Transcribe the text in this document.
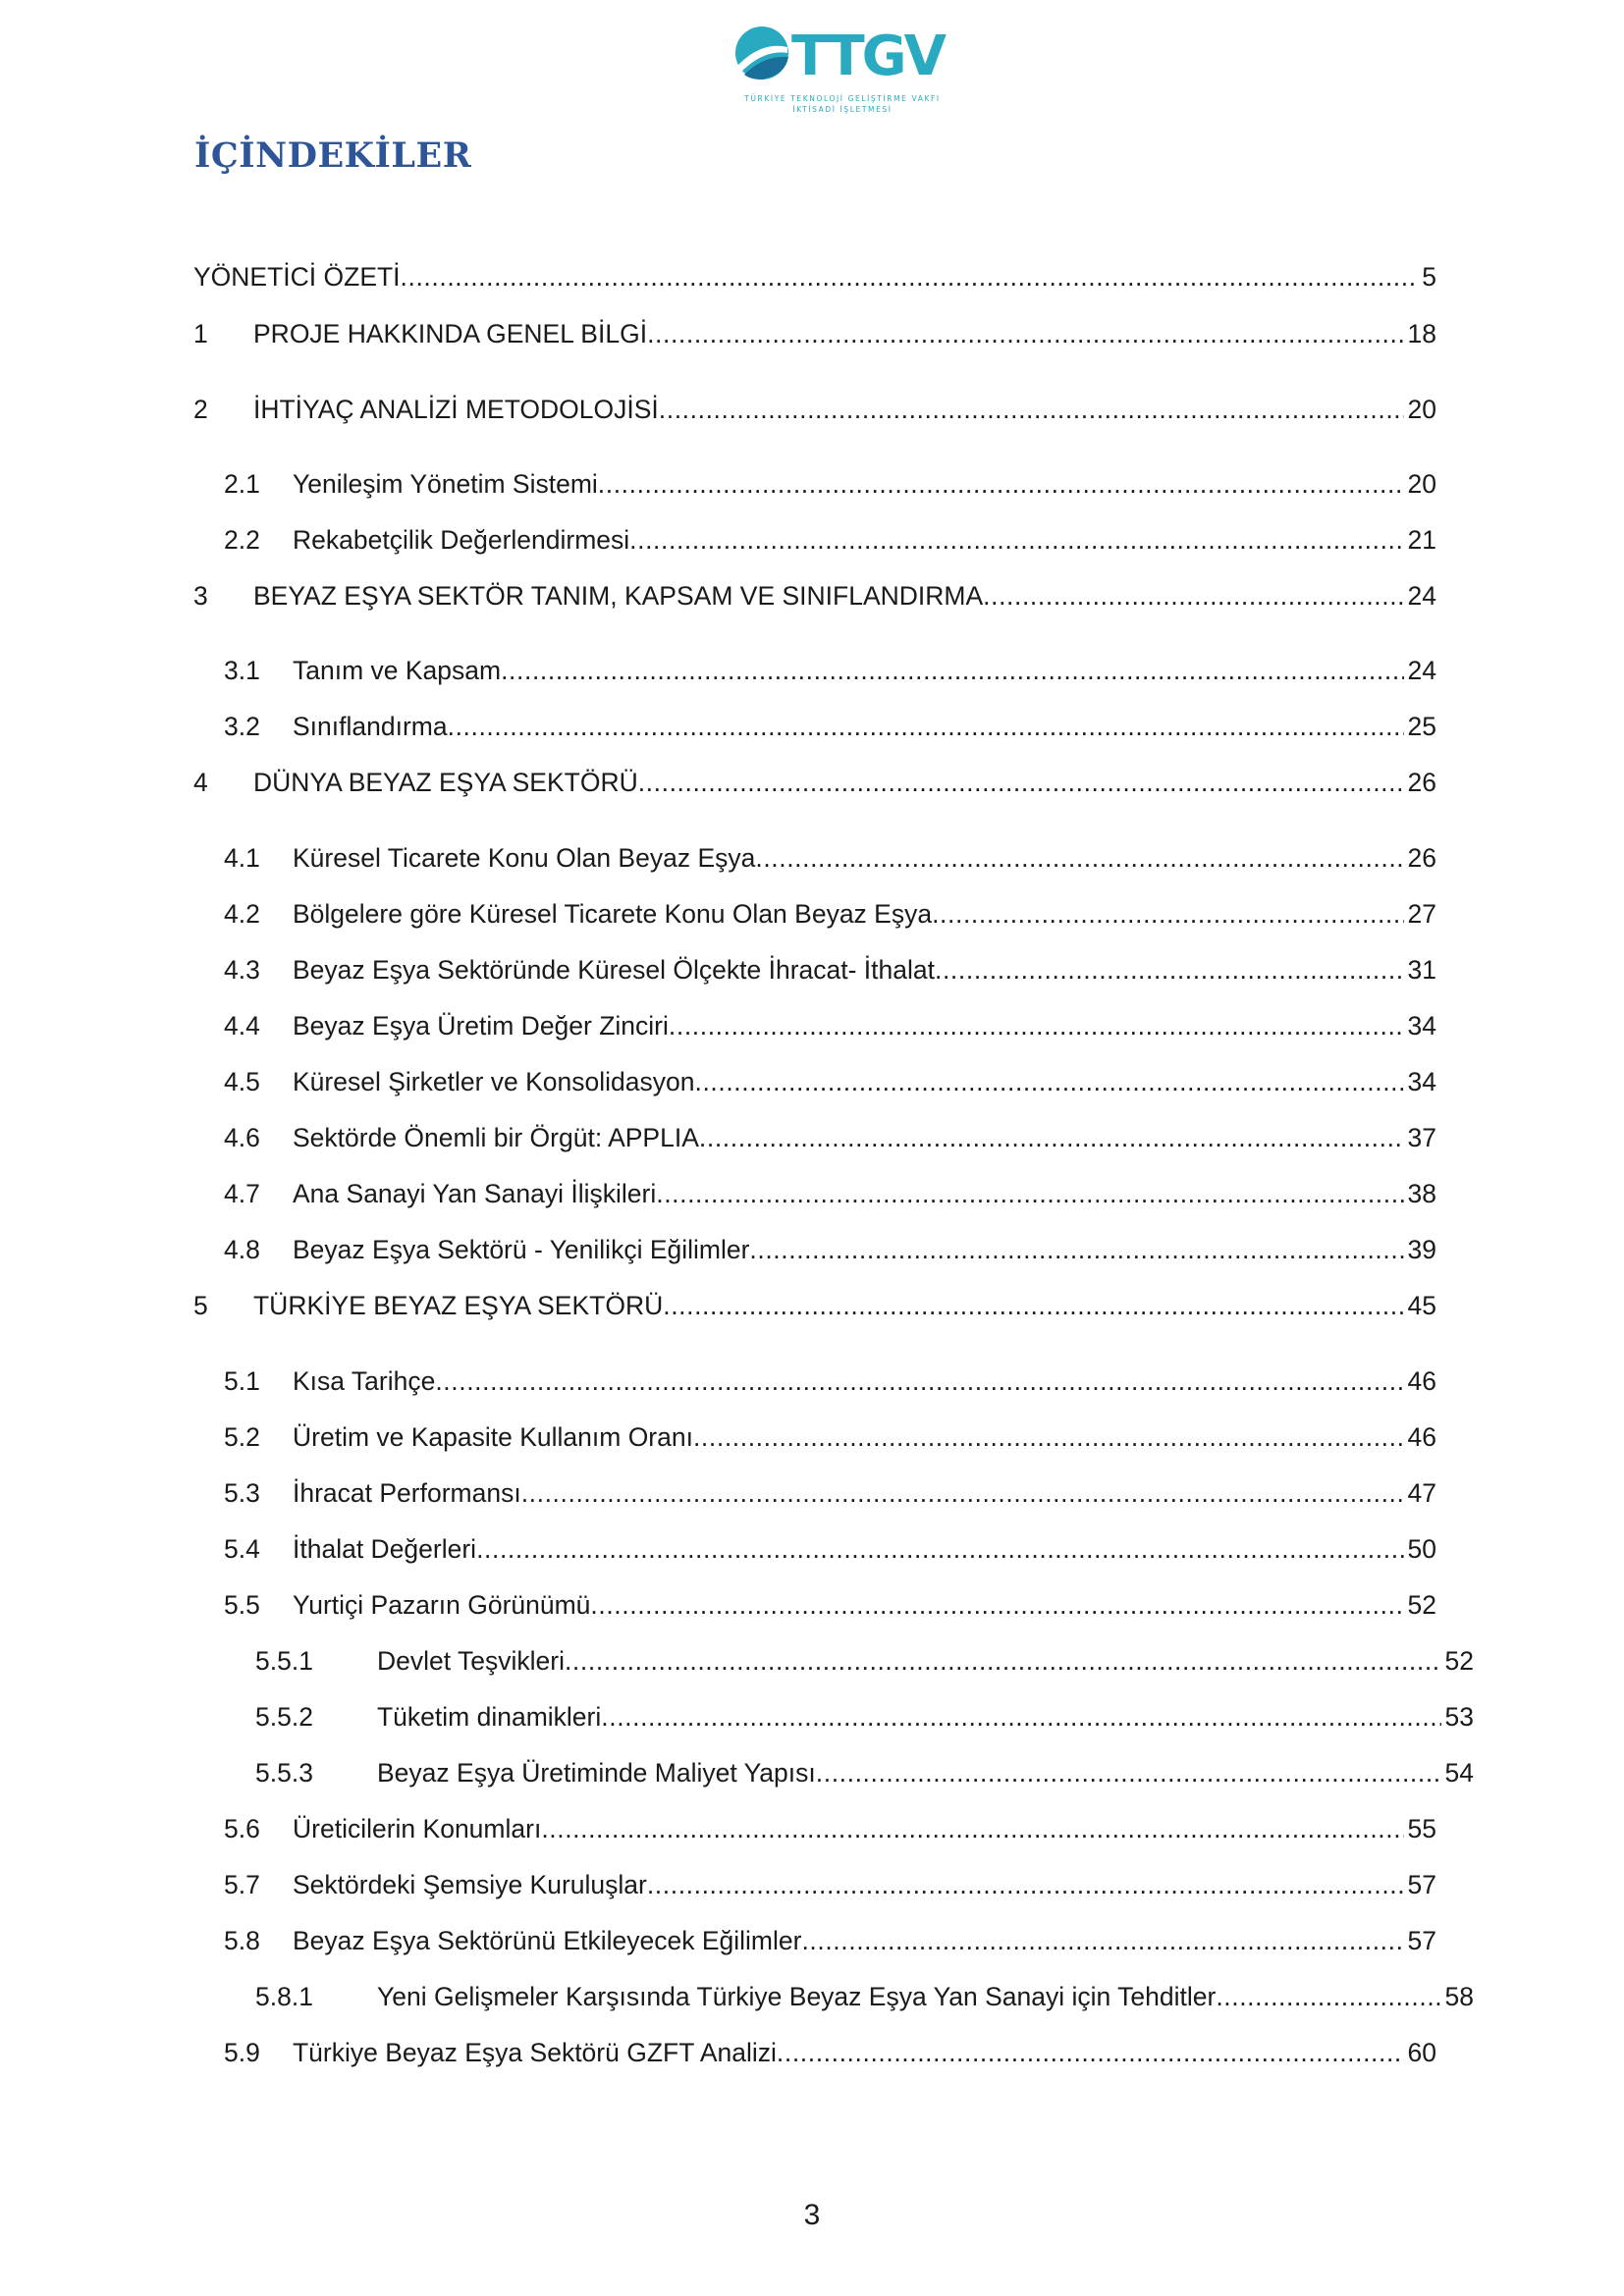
TTGV
TÜRKİYE TEKNOLOJİ GELİŞTİRME VAKFI
İKTİSADİ İŞLETMESİ
İÇİNDEKİLER
YÖNETİCİ ÖZETİ .....	5
1	PROJE HAKKINDA GENEL BİLGİ .....	18
2	İHTİYAÇ ANALİZİ METODOLOJİSİ .....	20
2.1	Yenileşim Yönetim Sistemi .....	20
2.2	Rekabetçilik Değerlendirmesi .....	21
3	BEYAZ EŞYA SEKTÖR TANIM, KAPSAM VE SINIFLANDIRMA .....	24
3.1	Tanım ve Kapsam .....	24
3.2	Sınıflandırma .....	25
4	DÜNYA BEYAZ EŞYA SEKTÖRÜ .....	26
4.1	Küresel Ticarete Konu Olan Beyaz Eşya .....	26
4.2	Bölgelere göre Küresel Ticarete Konu Olan Beyaz Eşya .....	27
4.3	Beyaz Eşya Sektöründe Küresel Ölçekte İhracat- İthalat .....	31
4.4	Beyaz Eşya Üretim Değer Zinciri .....	34
4.5	Küresel Şirketler ve Konsolidasyon .....	34
4.6	Sektörde Önemli bir Örgüt: APPLIA .....	37
4.7	Ana Sanayi Yan Sanayi İlişkileri .....	38
4.8	Beyaz Eşya Sektörü - Yenilikçi Eğilimler .....	39
5	TÜRKİYE BEYAZ EŞYA SEKTÖRÜ .....	45
5.1	Kısa Tarihçe .....	46
5.2	Üretim ve Kapasite Kullanım Oranı .....	46
5.3	İhracat Performansı .....	47
5.4	İthalat Değerleri .....	50
5.5	Yurtiçi Pazarın Görünümü .....	52
5.5.1	Devlet Teşvikleri .....	52
5.5.2	Tüketim dinamikleri .....	53
5.5.3	Beyaz Eşya Üretiminde Maliyet Yapısı .....	54
5.6	Üreticilerin Konumları .....	55
5.7	Sektördeki Şemsiye Kuruluşlar .....	57
5.8	Beyaz Eşya Sektörünü Etkileyecek Eğilimler .....	57
5.8.1	Yeni Gelişmeler Karşısında Türkiye Beyaz Eşya Yan Sanayi için Tehditler .....	58
5.9	Türkiye Beyaz Eşya Sektörü GZFT Analizi .....	60
3
